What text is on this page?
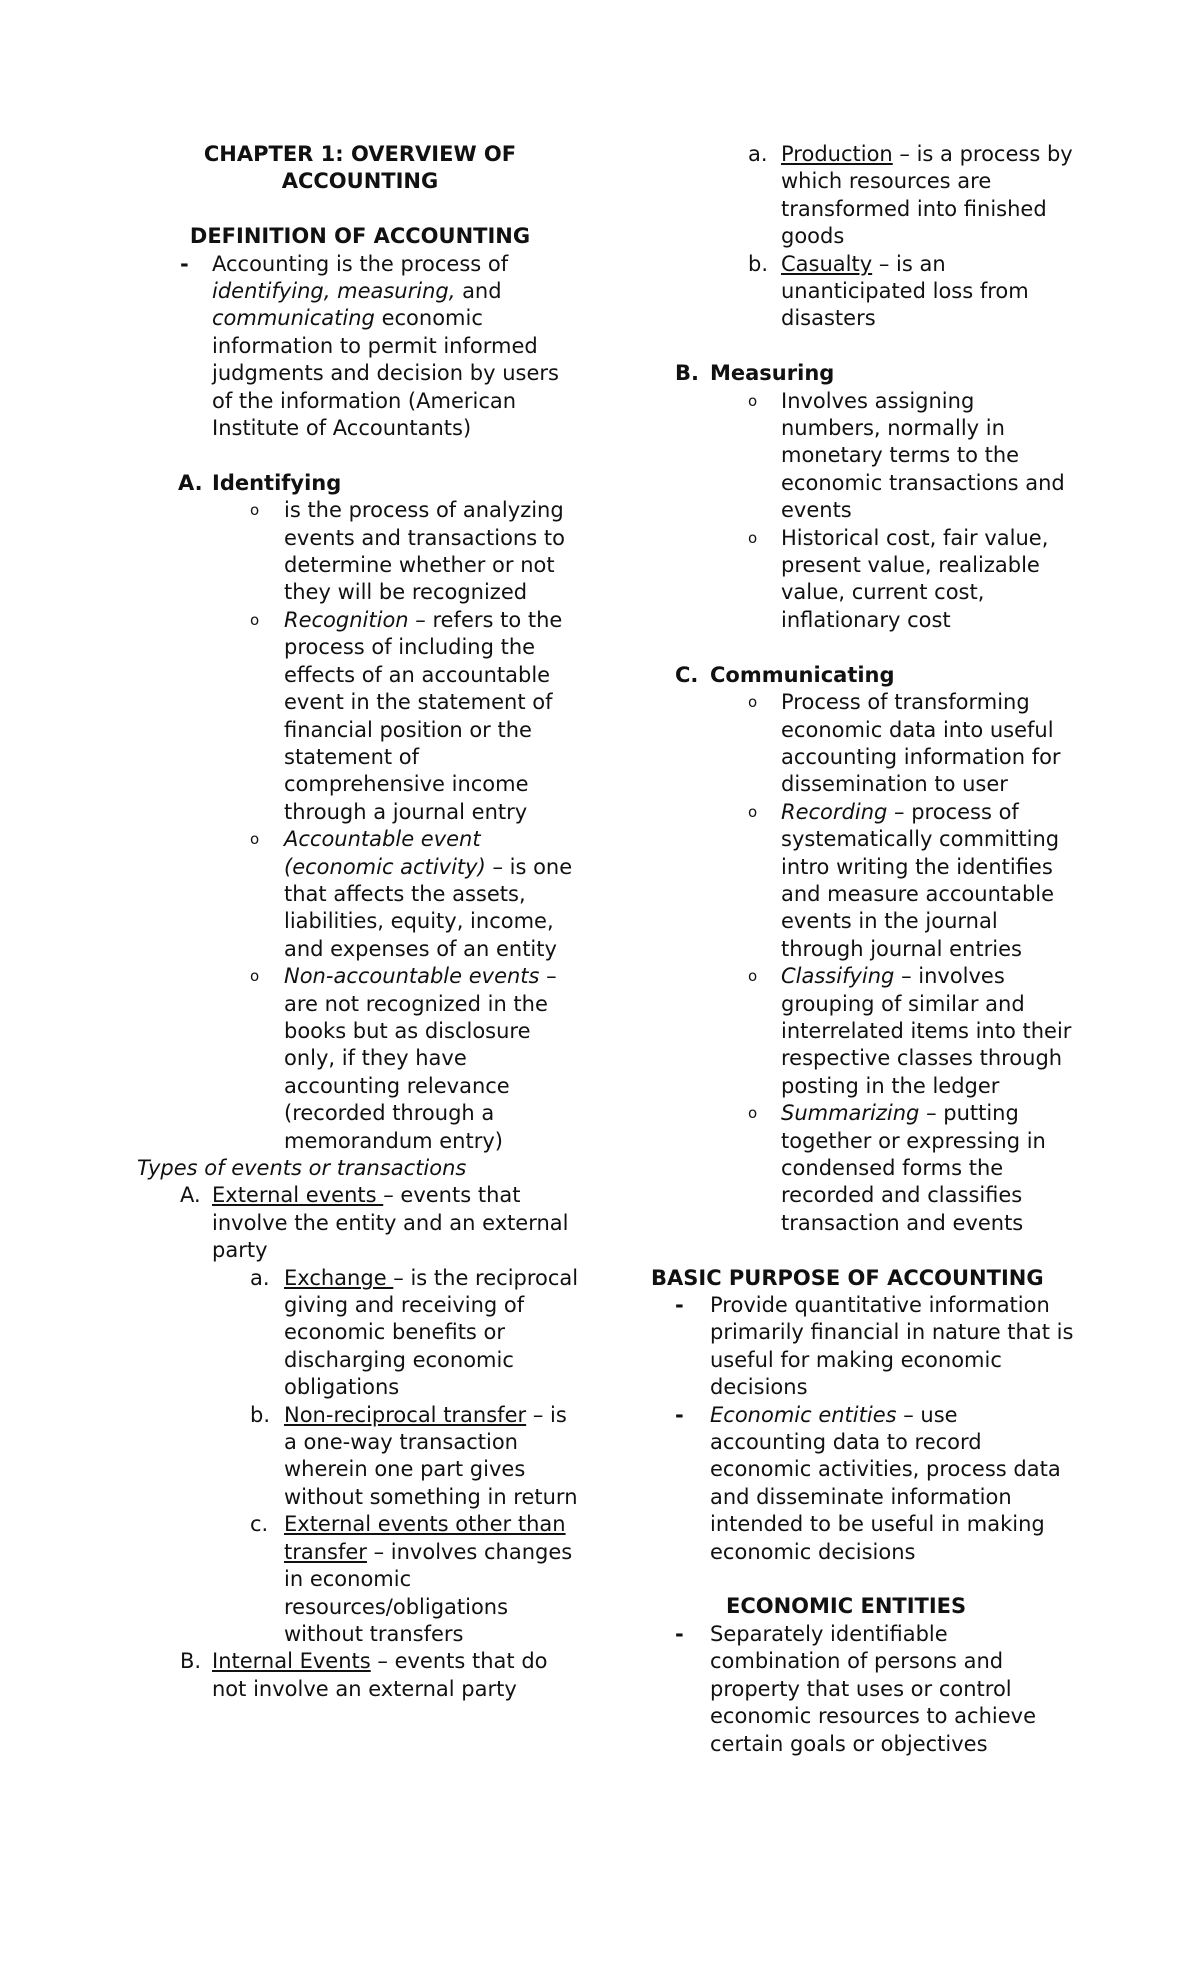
CHAPTER 1: OVERVIEW OF ACCOUNTING
DEFINITION OF ACCOUNTING
- Accounting is the process of identifying, measuring, and communicating economic information to permit informed judgments and decision by users of the information (American Institute of Accountants)
A. Identifying
o is the process of analyzing events and transactions to determine whether or not they will be recognized
o Recognition – refers to the process of including the effects of an accountable event in the statement of financial position or the statement of comprehensive income through a journal entry
o Accountable event (economic activity) – is one that affects the assets, liabilities, equity, income, and expenses of an entity
o Non-accountable events – are not recognized in the books but as disclosure only, if they have accounting relevance (recorded through a memorandum entry)
Types of events or transactions
A. External events – events that involve the entity and an external party
a. Exchange – is the reciprocal giving and receiving of economic benefits or discharging economic obligations
b. Non-reciprocal transfer – is a one-way transaction wherein one part gives without something in return
c. External events other than transfer – involves changes in economic resources/obligations without transfers
B. Internal Events – events that do not involve an external party
a. Production – is a process by which resources are transformed into finished goods
b. Casualty – is an unanticipated loss from disasters
B. Measuring
o Involves assigning numbers, normally in monetary terms to the economic transactions and events
o Historical cost, fair value, present value, realizable value, current cost, inflationary cost
C. Communicating
o Process of transforming economic data into useful accounting information for dissemination to user
o Recording – process of systematically committing intro writing the identifies and measure accountable events in the journal through journal entries
o Classifying – involves grouping of similar and interrelated items into their respective classes through posting in the ledger
o Summarizing – putting together or expressing in condensed forms the recorded and classifies transaction and events
BASIC PURPOSE OF ACCOUNTING
- Provide quantitative information primarily financial in nature that is useful for making economic decisions
- Economic entities – use accounting data to record economic activities, process data and disseminate information intended to be useful in making economic decisions
ECONOMIC ENTITIES
- Separately identifiable combination of persons and property that uses or control economic resources to achieve certain goals or objectives
